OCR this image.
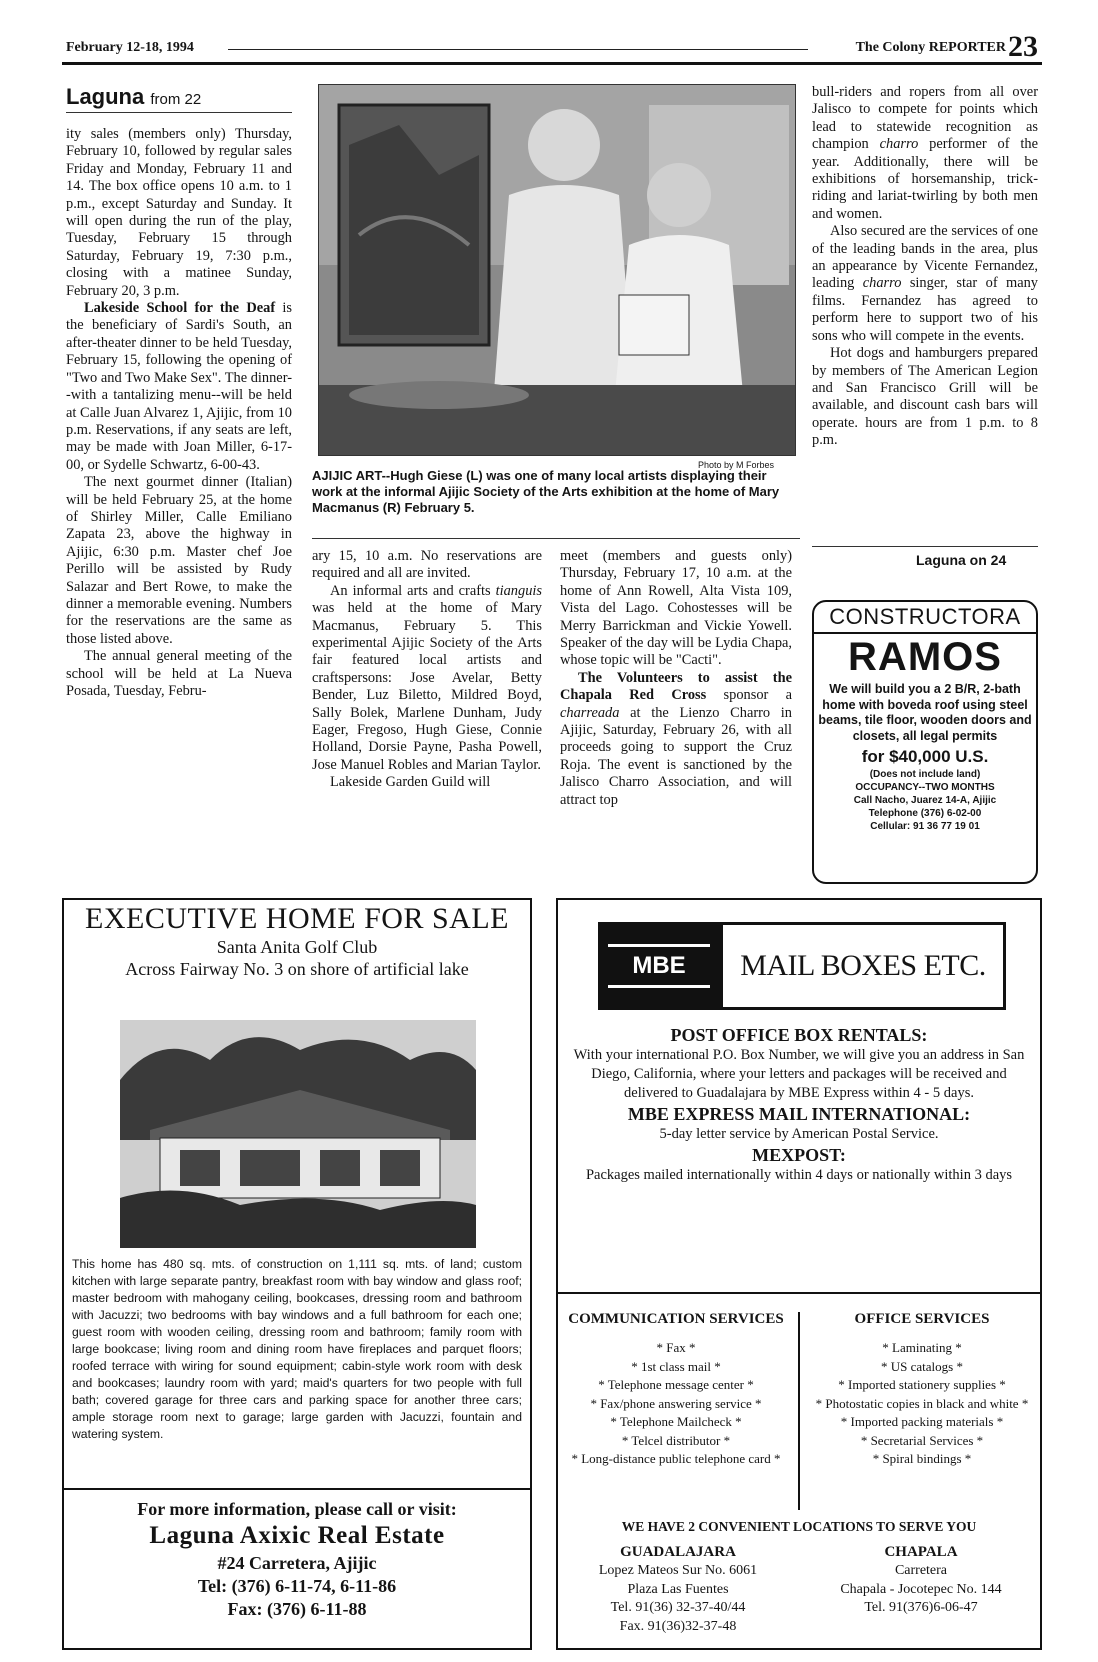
February 12-18, 1994	The Colony REPORTER 23
Laguna from 22

ity sales (members only) Thursday, February 10, followed by regular sales Friday and Monday, February 11 and 14. The box office opens 10 a.m. to 1 p.m., except Saturday and Sunday. It will open during the run of the play, Tuesday, February 15 through Saturday, February 19, 7:30 p.m., closing with a matinee Sunday, February 20, 3 p.m.

Lakeside School for the Deaf is the beneficiary of Sardi's South, an after-theater dinner to be held Tuesday, February 15, following the opening of "Two and Two Make Sex". The dinner--with a tantalizing menu--will be held at Calle Juan Alvarez 1, Ajijic, from 10 p.m. Reservations, if any seats are left, may be made with Joan Miller, 6-17-00, or Sydelle Schwartz, 6-00-43.

The next gourmet dinner (Italian) will be held February 25, at the home of Shirley Miller, Calle Emiliano Zapata 23, above the highway in Ajijic, 6:30 p.m. Master chef Joe Perillo will be assisted by Rudy Salazar and Bert Rowe, to make the dinner a memorable evening. Numbers for the reservations are the same as those listed above.

The annual general meeting of the school will be held at La Nueva Posada, Tuesday, Febru-

Photo by M Forbes
AJIJIC ART--Hugh Giese (L) was one of many local artists displaying their work at the informal Ajijic Society of the Arts exhibition at the home of Mary Macmanus (R) February 5.

ary 15, 10 a.m. No reservations are required and all are invited.

An informal arts and crafts tianguis was held at the home of Mary Macmanus, February 5. This experimental Ajijic Society of the Arts fair featured local artists and craftspersons: Jose Avelar, Betty Bender, Luz Biletto, Mildred Boyd, Sally Bolek, Marlene Dunham, Judy Eager, Fregoso, Hugh Giese, Connie Holland, Dorsie Payne, Pasha Powell, Jose Manuel Robles and Marian Taylor.

Lakeside Garden Guild will

meet (members and guests only) Thursday, February 17, 10 a.m. at the home of Ann Rowell, Alta Vista 109, Vista del Lago. Cohostesses will be Merry Barrickman and Vickie Yowell. Speaker of the day will be Lydia Chapa, whose topic will be "Cacti".

The Volunteers to assist the Chapala Red Cross sponsor a charreada at the Lienzo Charro in Ajijic, Saturday, February 26, with all proceeds going to support the Cruz Roja. The event is sanctioned by the Jalisco Charro Association, and will attract top

bull-riders and ropers from all over Jalisco to compete for points which lead to statewide recognition as champion charro performer of the year. Additionally, there will be exhibitions of horsemanship, trick-riding and lariat-twirling by both men and women.

Also secured are the services of one of the leading bands in the area, plus an appearance by Vicente Fernandez, leading charro singer, star of many films. Fernandez has agreed to perform here to support two of his sons who will compete in the events.

Hot dogs and hamburgers prepared by members of The American Legion and San Francisco Grill will be available, and discount cash bars will operate. hours are from 1 p.m. to 8 p.m.

Laguna on 24
CONSTRUCTORA
RAMOS
We will build you a 2 B/R, 2-bath home with boveda roof using steel beams, tile floor, wooden doors and closets, all legal permits
for $40,000 U.S.
(Does not include land)
OCCUPANCY--TWO MONTHS
Call Nacho, Juarez 14-A, Ajijic
Telephone (376) 6-02-00
Cellular: 91 36 77 19 01
EXECUTIVE HOME FOR SALE
Santa Anita Golf Club
Across Fairway No. 3 on shore of artificial lake
This home has 480 sq. mts. of construction on 1,111 sq. mts. of land; custom kitchen with large separate pantry, breakfast room with bay window and glass roof; master bedroom with mahogany ceiling, bookcases, dressing room and bathroom with Jacuzzi; two bedrooms with bay windows and a full bathroom for each one; guest room with wooden ceiling, dressing room and bathroom; family room with large bookcase; living room and dining room have fireplaces and parquet floors; roofed terrace with wiring for sound equipment; cabin-style work room with desk and bookcases; laundry room with yard; maid's quarters for two people with full bath; covered garage for three cars and parking space for another three cars; ample storage room next to garage; large garden with Jacuzzi, fountain and watering system.
For more information, please call or visit:
Laguna Axixic Real Estate
#24 Carretera, Ajijic
Tel: (376) 6-11-74, 6-11-86
Fax: (376) 6-11-88
MBE	MAIL BOXES ETC.
POST OFFICE BOX RENTALS:
With your international P.O. Box Number, we will give you an address in San Diego, California, where your letters and packages will be received and delivered to Guadalajara by MBE Express within 4 - 5 days.
MBE EXPRESS MAIL INTERNATIONAL:
5-day letter service by American Postal Service.
MEXPOST:
Packages mailed internationally within 4 days or nationally within 3 days
COMMUNICATION SERVICES
* Fax *
* 1st class mail *
* Telephone message center *
* Fax/phone answering service *
* Telephone Mailcheck *
* Telcel distributor *
* Long-distance public telephone card *
OFFICE SERVICES
* Laminating *
* US catalogs *
* Imported stationery supplies *
* Photostatic copies in black and white *
* Imported packing materials *
* Secretarial Services *
* Spiral bindings *
WE HAVE 2 CONVENIENT LOCATIONS TO SERVE YOU
GUADALAJARA
Lopez Mateos Sur No. 6061
Plaza Las Fuentes
Tel. 91(36) 32-37-40/44
Fax. 91(36)32-37-48
CHAPALA
Carretera
Chapala - Jocotepec No. 144
Tel. 91(376)6-06-47
